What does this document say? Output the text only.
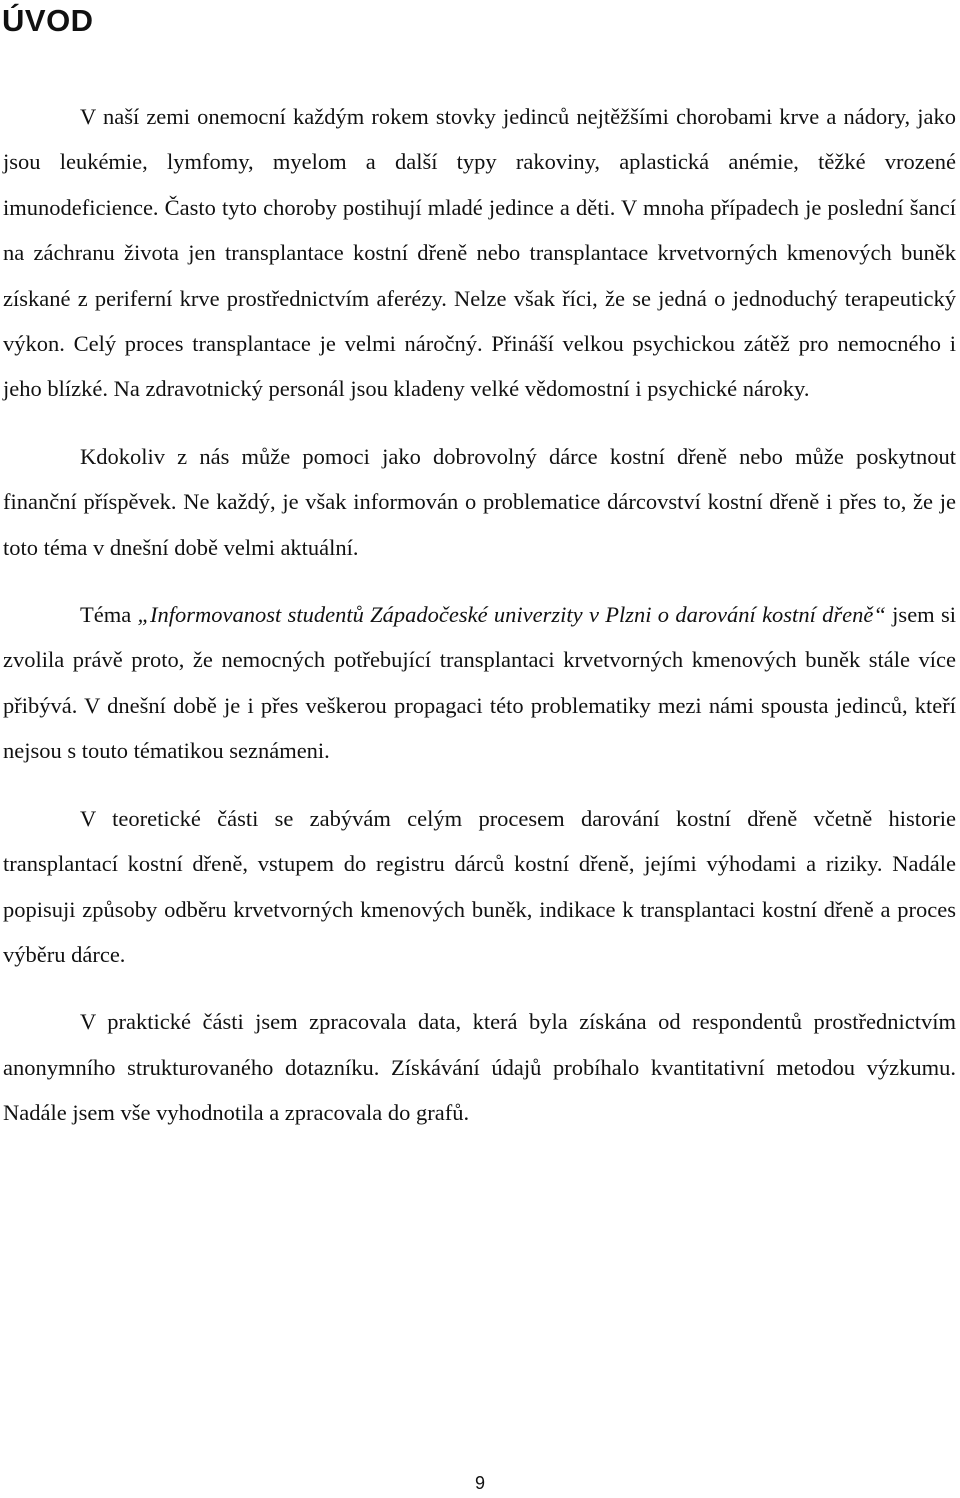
ÚVOD

V naší zemi onemocní každým rokem stovky jedinců nejtěžšími chorobami krve a nádory, jako jsou leukémie, lymfomy, myelom a další typy rakoviny, aplastická anémie, těžké vrozené imunodeficience. Často tyto choroby postihují mladé jedince a děti. V mnoha případech je poslední šancí na záchranu života jen transplantace kostní dřeně nebo transplantace krvetvorných kmenových buněk získané z periferní krve prostřednictvím aferézy. Nelze však říci, že se jedná o jednoduchý terapeutický výkon. Celý proces transplantace je velmi náročný. Přináší velkou psychickou zátěž pro nemocného i jeho blízké. Na zdravotnický personál jsou kladeny velké vědomostní i psychické nároky.

Kdokoliv z nás může pomoci jako dobrovolný dárce kostní dřeně nebo může poskytnout finanční příspěvek. Ne každý, je však informován o problematice dárcovství kostní dřeně i přes to, že je toto téma v dnešní době velmi aktuální.

Téma „Informovanost studentů Západočeské univerzity v Plzni o darování kostní dřeně“ jsem si zvolila právě proto, že nemocných potřebující transplantaci krvetvorných kmenových buněk stále více přibývá. V dnešní době je i přes veškerou propagaci této problematiky mezi námi spousta jedinců, kteří nejsou s touto tématikou seznámeni.

V teoretické části se zabývám celým procesem darování kostní dřeně včetně historie transplantací kostní dřeně, vstupem do registru dárců kostní dřeně, jejími výhodami a riziky. Nadále popisuji způsoby odběru krvetvorných kmenových buněk, indikace k transplantaci kostní dřeně a proces výběru dárce.

V praktické části jsem zpracovala data, která byla získána od respondentů prostřednictvím anonymního strukturovaného dotazníku. Získávání údajů probíhalo kvantitativní metodou výzkumu. Nadále jsem vše vyhodnotila a zpracovala do grafů.

9
